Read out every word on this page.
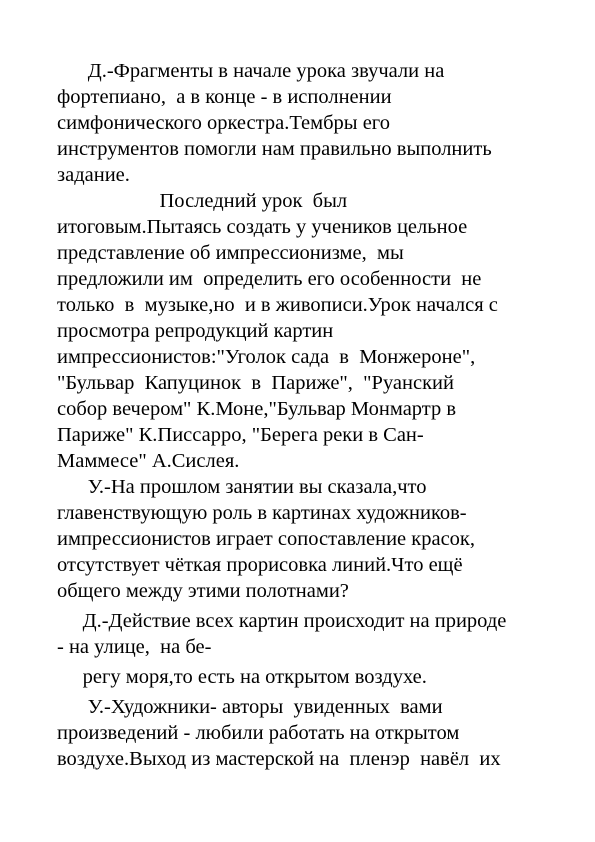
Д.-Фрагменты в начале урока звучали на
фортепиано,  а в конце - в исполнении
симфонического оркестра.Тембры его
инструментов помогли нам правильно выполнить
задание.
Последний урок  был
итоговым.Пытаясь создать у учеников цельное
представление об импрессионизме,  мы
предложили им  определить его особенности  не
только  в  музыке,но  и в живописи.Урок начался с
просмотра репродукций картин
импрессионистов:"Уголок сада  в  Монжероне",
"Бульвар  Капуцинок  в  Париже",  "Руанский
собор вечером" К.Моне,"Бульвар Монмартр в
Париже" К.Писсарро, "Берега реки в Сан-
Маммесе" А.Сислея.
У.-На прошлом занятии вы сказала,что
главенствующую роль в картинах художников-
импрессионистов играет сопоставление красок,
отсутствует чёткая прорисовка линий.Что ещё
общего между этими полотнами?
Д.-Действие всех картин происходит на природе
- на улице,  на бе-
регу моря,то есть на открытом воздухе.
У.-Художники- авторы  увиденных  вами
произведений - любили работать на открытом
воздухе.Выход из мастерской на  пленэр  навёл  их
